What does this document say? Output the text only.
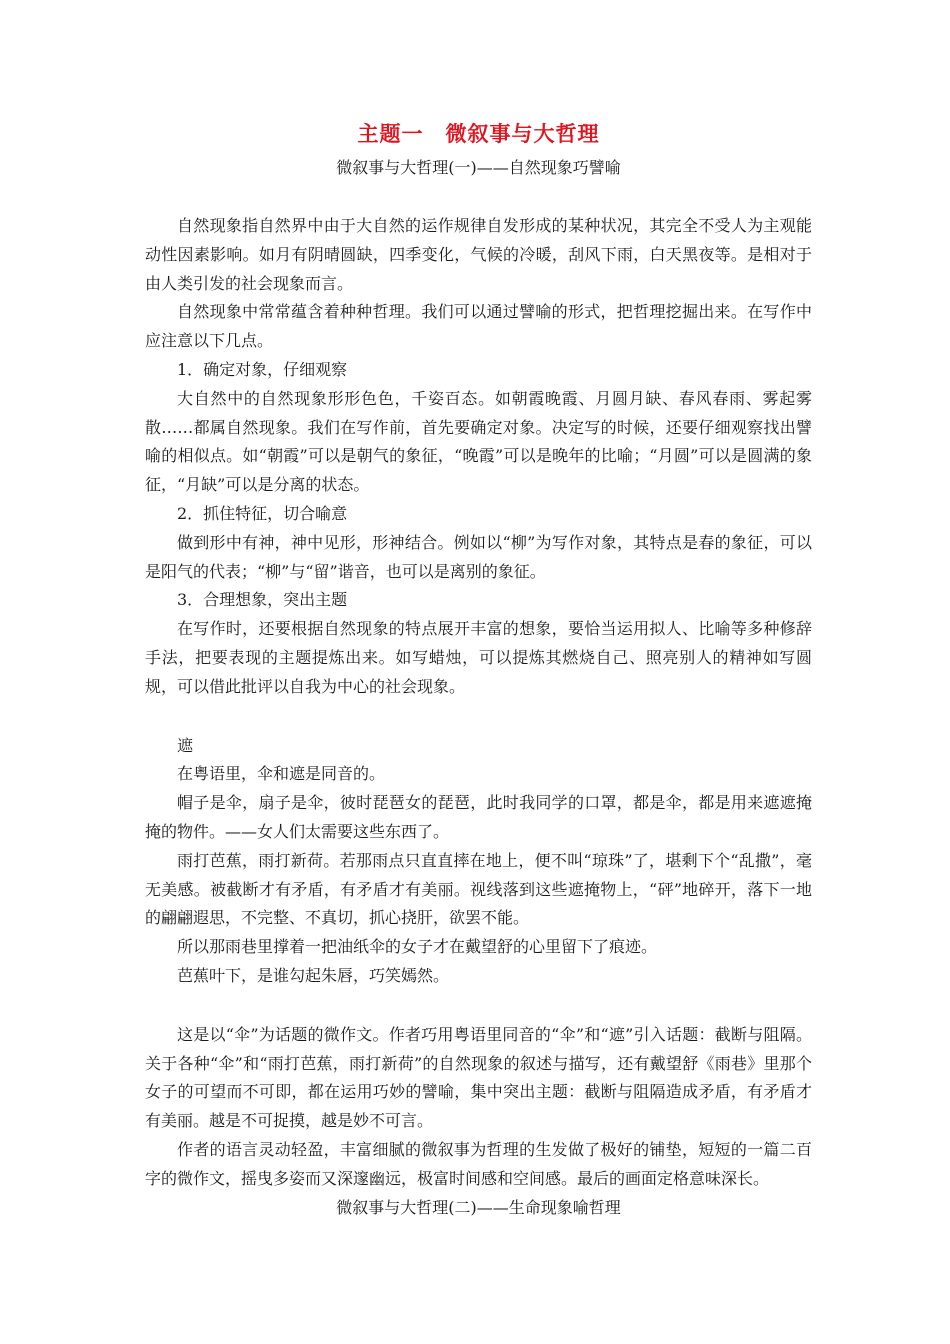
主题一　微叙事与大哲理
微叙事与大哲理(一)——自然现象巧譬喻

自然现象指自然界中由于大自然的运作规律自发形成的某种状况，其完全不受人为主观能动性因素影响。如月有阴晴圆缺，四季变化，气候的冷暖，刮风下雨，白天黑夜等。是相对于由人类引发的社会现象而言。

自然现象中常常蕴含着种种哲理。我们可以通过譬喻的形式，把哲理挖掘出来。在写作中应注意以下几点。

1．确定对象，仔细观察

大自然中的自然现象形形色色，千姿百态。如朝霞晚霞、月圆月缺、春风春雨、雾起雾散……都属自然现象。我们在写作前，首先要确定对象。决定写的时候，还要仔细观察找出譬喻的相似点。如“朝霞”可以是朝气的象征，“晚霞”可以是晚年的比喻；“月圆”可以是圆满的象征，“月缺”可以是分离的状态。

2．抓住特征，切合喻意

做到形中有神，神中见形，形神结合。例如以“柳”为写作对象，其特点是春的象征，可以是阳气的代表；“柳”与“留”谐音，也可以是离别的象征。

3．合理想象，突出主题

在写作时，还要根据自然现象的特点展开丰富的想象，要恰当运用拟人、比喻等多种修辞手法，把要表现的主题提炼出来。如写蜡烛，可以提炼其燃烧自己、照亮别人的精神如写圆规，可以借此批评以自我为中心的社会现象。

遮

在粤语里，伞和遮是同音的。

帽子是伞，扇子是伞，彼时琵琶女的琵琶，此时我同学的口罩，都是伞，都是用来遮遮掩掩的物件。——女人们太需要这些东西了。

雨打芭蕉，雨打新荷。若那雨点只直直摔在地上，便不叫“琼珠”了，堪剩下个“乱撒”，毫无美感。被截断才有矛盾，有矛盾才有美丽。视线落到这些遮掩物上，“砰”地碎开，落下一地的翩翩遐思，不完整、不真切，抓心挠肝，欲罢不能。

所以那雨巷里撑着一把油纸伞的女子才在戴望舒的心里留下了痕迹。

芭蕉叶下，是谁勾起朱唇，巧笑嫣然。

这是以“伞”为话题的微作文。作者巧用粤语里同音的“伞”和“遮”引入话题：截断与阻隔。关于各种“伞”和“雨打芭蕉，雨打新荷”的自然现象的叙述与描写，还有戴望舒《雨巷》里那个女子的可望而不可即，都在运用巧妙的譬喻，集中突出主题：截断与阻隔造成矛盾，有矛盾才有美丽。越是不可捉摸，越是妙不可言。

作者的语言灵动轻盈，丰富细腻的微叙事为哲理的生发做了极好的铺垫，短短的一篇二百字的微作文，摇曳多姿而又深邃幽远，极富时间感和空间感。最后的画面定格意味深长。

微叙事与大哲理(二)——生命现象喻哲理
